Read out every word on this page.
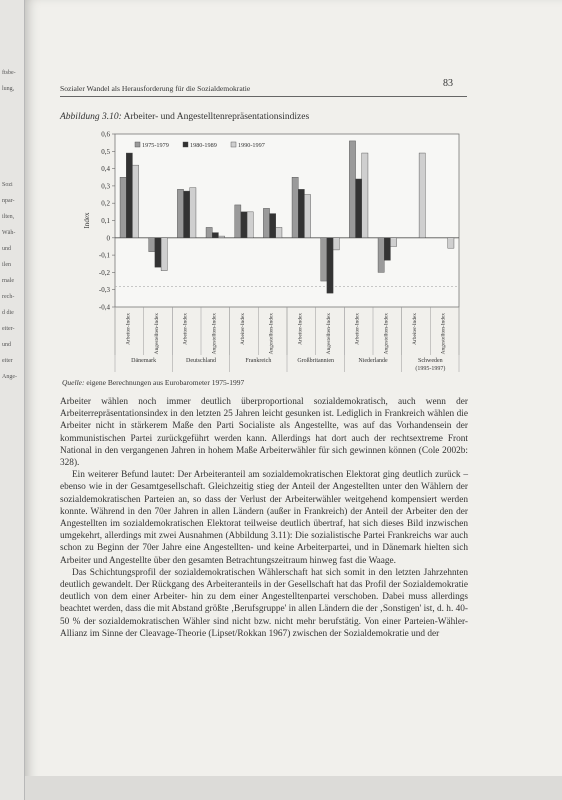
ftsbe-
lung,
Sozi
npar-
ilten,
Wäh-
und
ilen
rnale
rech-
d die
eiter-
und
eiter
Ange-
Sozialer Wandel als Herausforderung für die Sozialdemokratie	83
Abbildung 3.10: Arbeiter- und Angestelltenrepräsentationsindizes
0,6
0,5
0,4
0,3
0,2
0,1
0
-0,1
-0,2
-0,3
-0,4
Index
Arbeiter-Index	Angestellten-Index	Arbeiter-Index	Angestellten-Index	Arbeiter-Index	Angestellten-Index	Arbeiter-Index	Angestellten-Index	Arbeiter-Index	Angestellten-Index	Arbeiter-Index	Angestellten-Index
Dänemark	Deutschland	Frankreich	Großbritannien	Niederlande	Schweden
(1995-1997)
1975-1979	1980-1989	1990-1997
Quelle: eigene Berechnungen aus Eurobarometer 1975-1997

Arbeiter wählen noch immer deutlich überproportional sozialdemokratisch, auch wenn der Arbeiterrepräsentationsindex in den letzten 25 Jahren leicht gesunken ist. Lediglich in Frankreich wählen die Arbeiter nicht in stärkerem Maße den Parti Socialiste als Angestellte, was auf das Vorhandensein der kommunistischen Partei zurückgeführt werden kann. Allerdings hat dort auch der rechtsextreme Front National in den vergangenen Jahren in hohem Maße Arbeiterwähler für sich gewinnen können (Cole 2002b: 328).

Ein weiterer Befund lautet: Der Arbeiteranteil am sozialdemokratischen Elektorat ging deutlich zurück – ebenso wie in der Gesamtgesellschaft. Gleichzeitig stieg der Anteil der Angestellten unter den Wählern der sozialdemokratischen Parteien an, so dass der Verlust der Arbeiterwähler weitgehend kompensiert werden konnte. Während in den 70er Jahren in allen Ländern (außer in Frankreich) der Anteil der Arbeiter den der Angestellten im sozialdemokratischen Elektorat teilweise deutlich übertraf, hat sich dieses Bild inzwischen umgekehrt, allerdings mit zwei Ausnahmen (Abbildung 3.11): Die sozialistische Partei Frankreichs war auch schon zu Beginn der 70er Jahre eine Angestellten- und keine Arbeiterpartei, und in Dänemark hielten sich Arbeiter und Angestellte über den gesamten Betrachtungszeitraum hinweg fast die Waage.

Das Schichtungsprofil der sozialdemokratischen Wählerschaft hat sich somit in den letzten Jahrzehnten deutlich gewandelt. Der Rückgang des Arbeiteranteils in der Gesellschaft hat das Profil der Sozialdemokratie deutlich von dem einer Arbeiter- hin zu dem einer Angestelltenpartei verschoben. Dabei muss allerdings beachtet werden, dass die mit Abstand größte ‚Berufsgruppe' in allen Ländern die der ‚Sonstigen' ist, d. h. 40-50 % der sozialdemokratischen Wähler sind nicht bzw. nicht mehr berufstätig. Von einer Parteien-Wähler-Allianz im Sinne der Cleavage-Theorie (Lipset/Rokkan 1967) zwischen der Sozialdemokratie und der
